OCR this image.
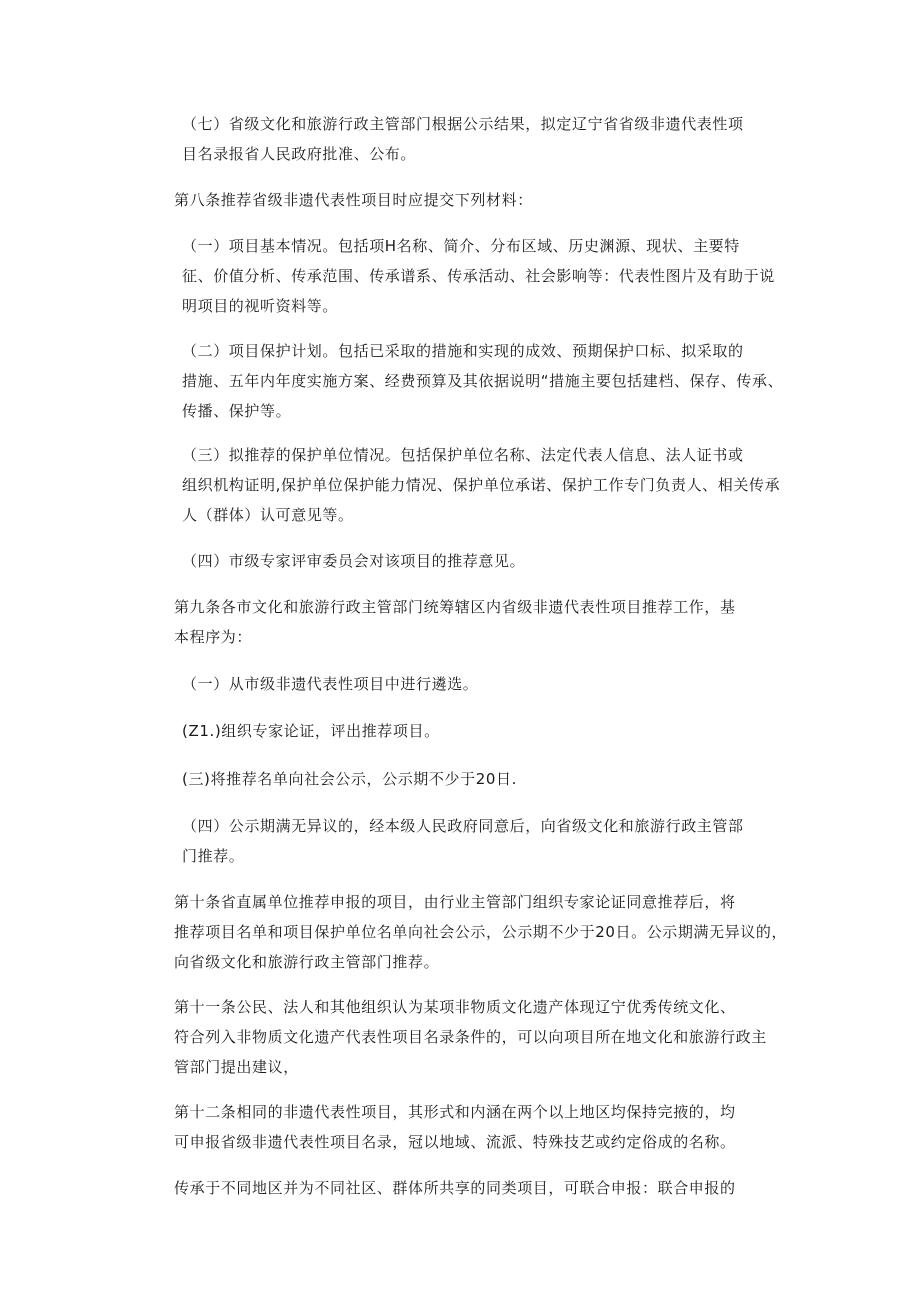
（七）省级文化和旅游行政主管部门根据公示结果，拟定辽宁省省级非遗代表性项
目名录报省人民政府批准、公布。

第八条推荐省级非遗代表性项目时应提交下列材料：

（一）项目基本情况。包括项H名称、简介、分布区域、历史渊源、现状、主要特
征、价值分析、传承范围、传承谱系、传承活动、社会影响等：代表性图片及有助于说
明项目的视听资料等。

（二）项目保护计划。包括已采取的措施和实现的成效、预期保护口标、拟采取的
措施、五年内年度实施方案、经费预算及其依据说明“措施主要包括建档、保存、传承、
传播、保护等。

（三）拟推荐的保护单位情况。包括保护单位名称、法定代表人信息、法人证书或
组织机构证明,保护单位保护能力情况、保护单位承诺、保护工作专门负责人、相关传承
人（群体）认可意见等。

（四）市级专家评审委员会对该项目的推荐意见。

第九条各市文化和旅游行政主管部门统筹辖区内省级非遗代表性项目推荐工作，基
本程序为：

（一）从市级非遗代表性项目中进行遴选。

(Z1.)组织专家论证，评出推荐项目。

(三)将推荐名单向社会公示，公示期不少于20日.

（四）公示期满无异议的，经本级人民政府同意后，向省级文化和旅游行政主管部
门推荐。

第十条省直属单位推荐申报的项目，由行业主管部门组织专家论证同意推荐后，将
推荐项目名单和项目保护单位名单向社会公示，公示期不少于20日。公示期满无异议的，
向省级文化和旅游行政主管部门推荐。

第十一条公民、法人和其他组织认为某项非物质文化遗产体现辽宁优秀传统文化、
符合列入非物质文化遗产代表性项目名录条件的，可以向项目所在地文化和旅游行政主
管部门提出建议，

第十二条相同的非遗代表性项目，其形式和内涵在两个以上地区均保持完掖的，均
可申报省级非遗代表性项目名录，冠以地域、流派、特殊技艺或约定俗成的名称。

传承于不同地区并为不同社区、群体所共享的同类项目，可联合申报：联合申报的
